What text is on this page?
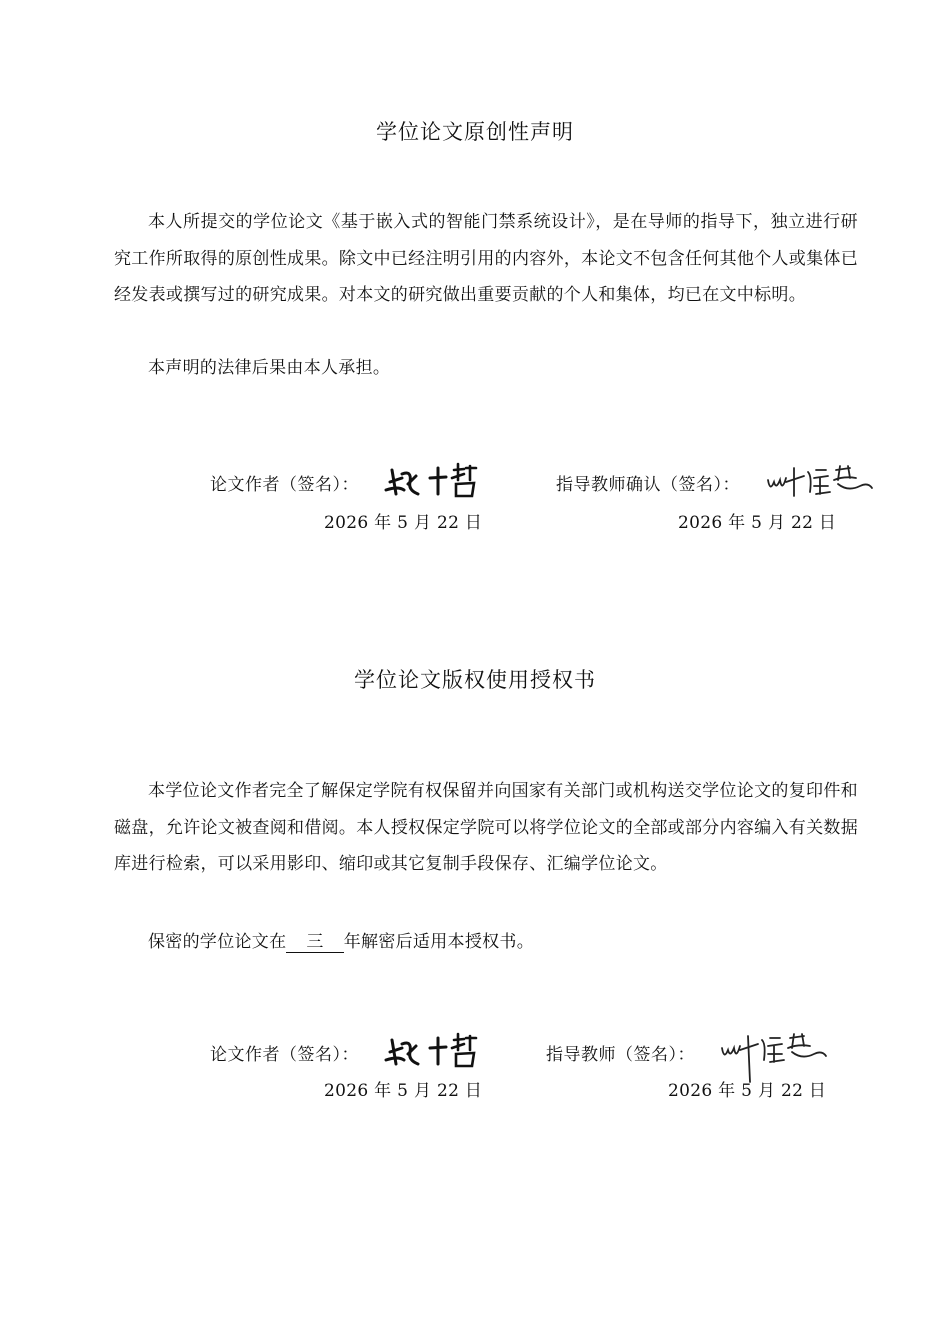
学位论文原创性声明
本人所提交的学位论文《基于嵌入式的智能门禁系统设计》，是在导师的指导下，独立进行研究工作所取得的原创性成果。除文中已经注明引用的内容外，本论文不包含任何其他个人或集体已经发表或撰写过的研究成果。对本文的研究做出重要贡献的个人和集体，均已在文中标明。
本声明的法律后果由本人承担。
论文作者（签名）：
2026 年 5 月 22 日
指导教师确认（签名）：
2026 年 5 月 22 日
学位论文版权使用授权书
本学位论文作者完全了解保定学院有权保留并向国家有关部门或机构送交学位论文的复印件和磁盘，允许论文被查阅和借阅。本人授权保定学院可以将学位论文的全部或部分内容编入有关数据库进行检索，可以采用影印、缩印或其它复制手段保存、汇编学位论文。
保密的学位论文在 三 年解密后适用本授权书。
论文作者（签名）：
2026 年 5 月 22 日
指导教师（签名）：
2026 年 5 月 22 日
